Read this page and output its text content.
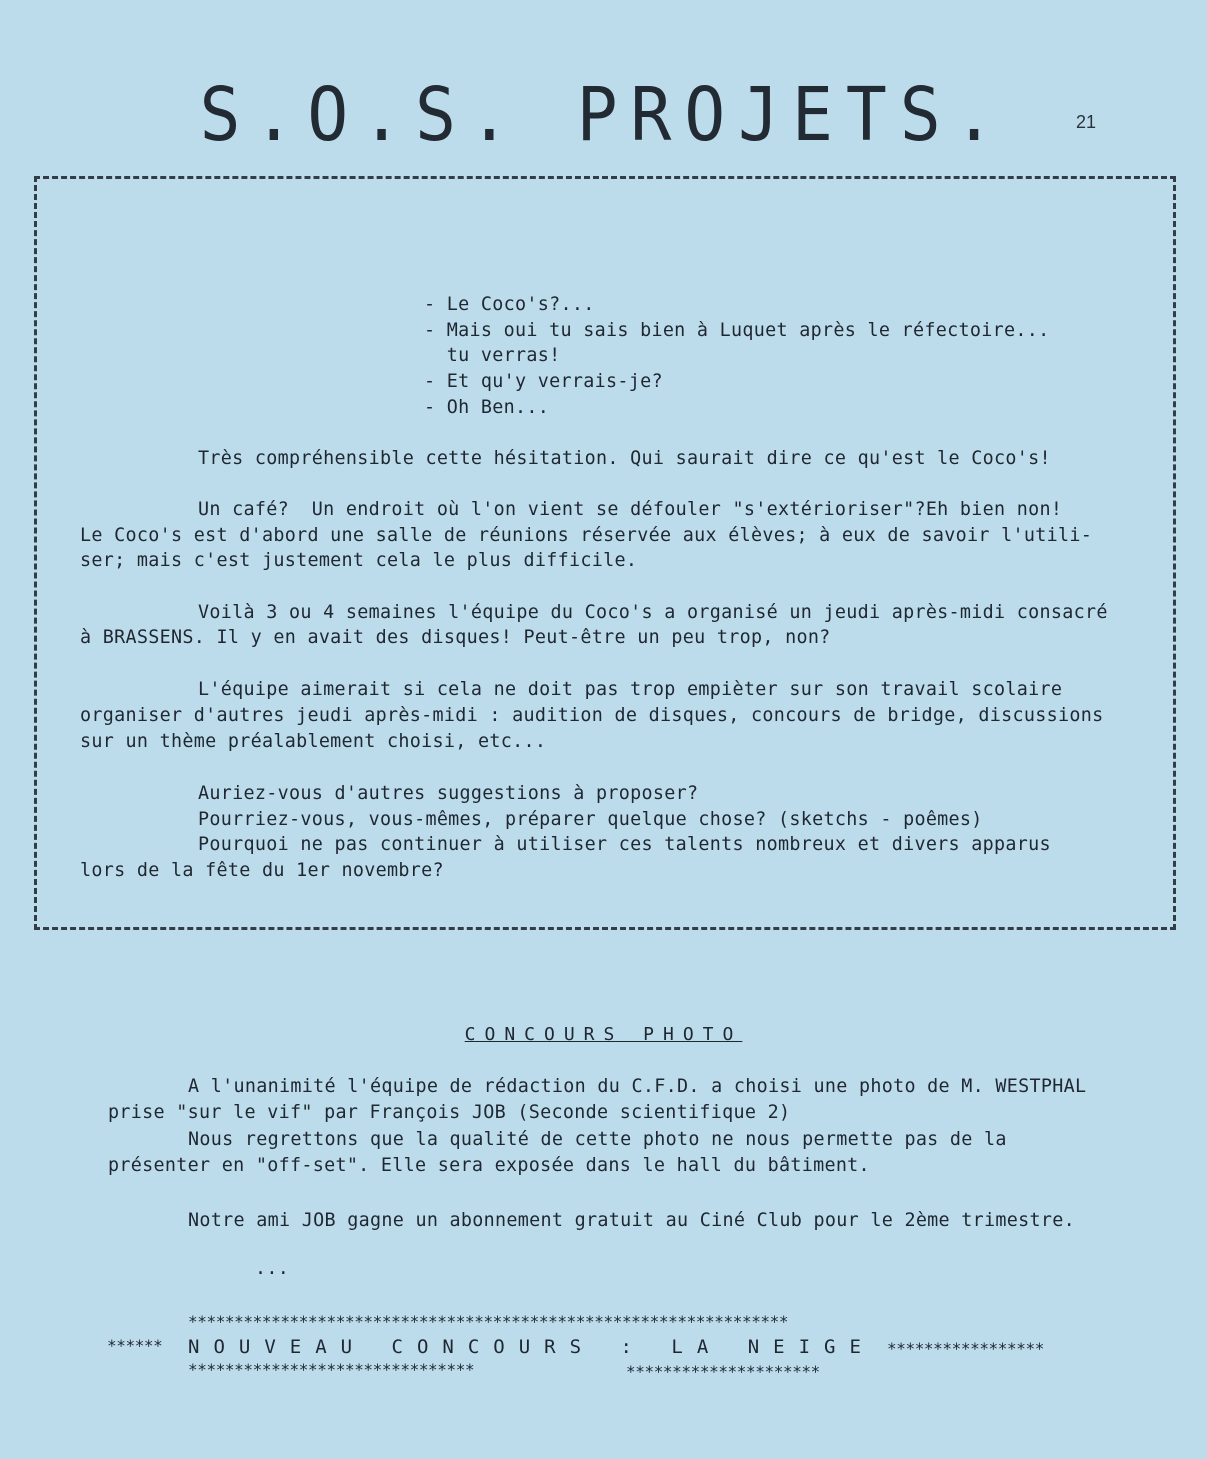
S.O.S. PROJETS.	21
- Le Coco's?...
- Mais oui tu sais bien à Luquet après le réfectoire...
tu verras!
- Et qu'y verrais-je?
- Oh Ben...
Très compréhensible cette hésitation. Qui saurait dire ce qu'est le Coco's!
Un café?  Un endroit où l'on vient se défouler "s'extérioriser"?Eh bien non!
Le Coco's est d'abord une salle de réunions réservée aux élèves; à eux de savoir l'utili-
ser; mais c'est justement cela le plus difficile.
Voilà 3 ou 4 semaines l'équipe du Coco's a organisé un jeudi après-midi consacré
à BRASSENS. Il y en avait des disques! Peut-être un peu trop, non?
L'équipe aimerait si cela ne doit pas trop empièter sur son travail scolaire
organiser d'autres jeudi après-midi : audition de disques, concours de bridge, discussions
sur un thème préalablement choisi, etc...
Auriez-vous d'autres suggestions à proposer?
Pourriez-vous, vous-mêmes, préparer quelque chose? (sketchs - poêmes)
Pourquoi ne pas continuer à utiliser ces talents nombreux et divers apparus
lors de la fête du 1er novembre?
CONCOURS PHOTO
A l'unanimité l'équipe de rédaction du C.F.D. a choisi une photo de M. WESTPHAL
prise "sur le vif" par François JOB (Seconde scientifique 2)
Nous regrettons que la qualité de cette photo ne nous permette pas de la
présenter en "off-set". Elle sera exposée dans le hall du bâtiment.
Notre ami JOB gagne un abonnement gratuit au Ciné Club pour le 2ème trimestre.
...
*****************************************************************
****** NOUVEAU CONCOURS : LA NEIGE *****************
*******************************	*********************
